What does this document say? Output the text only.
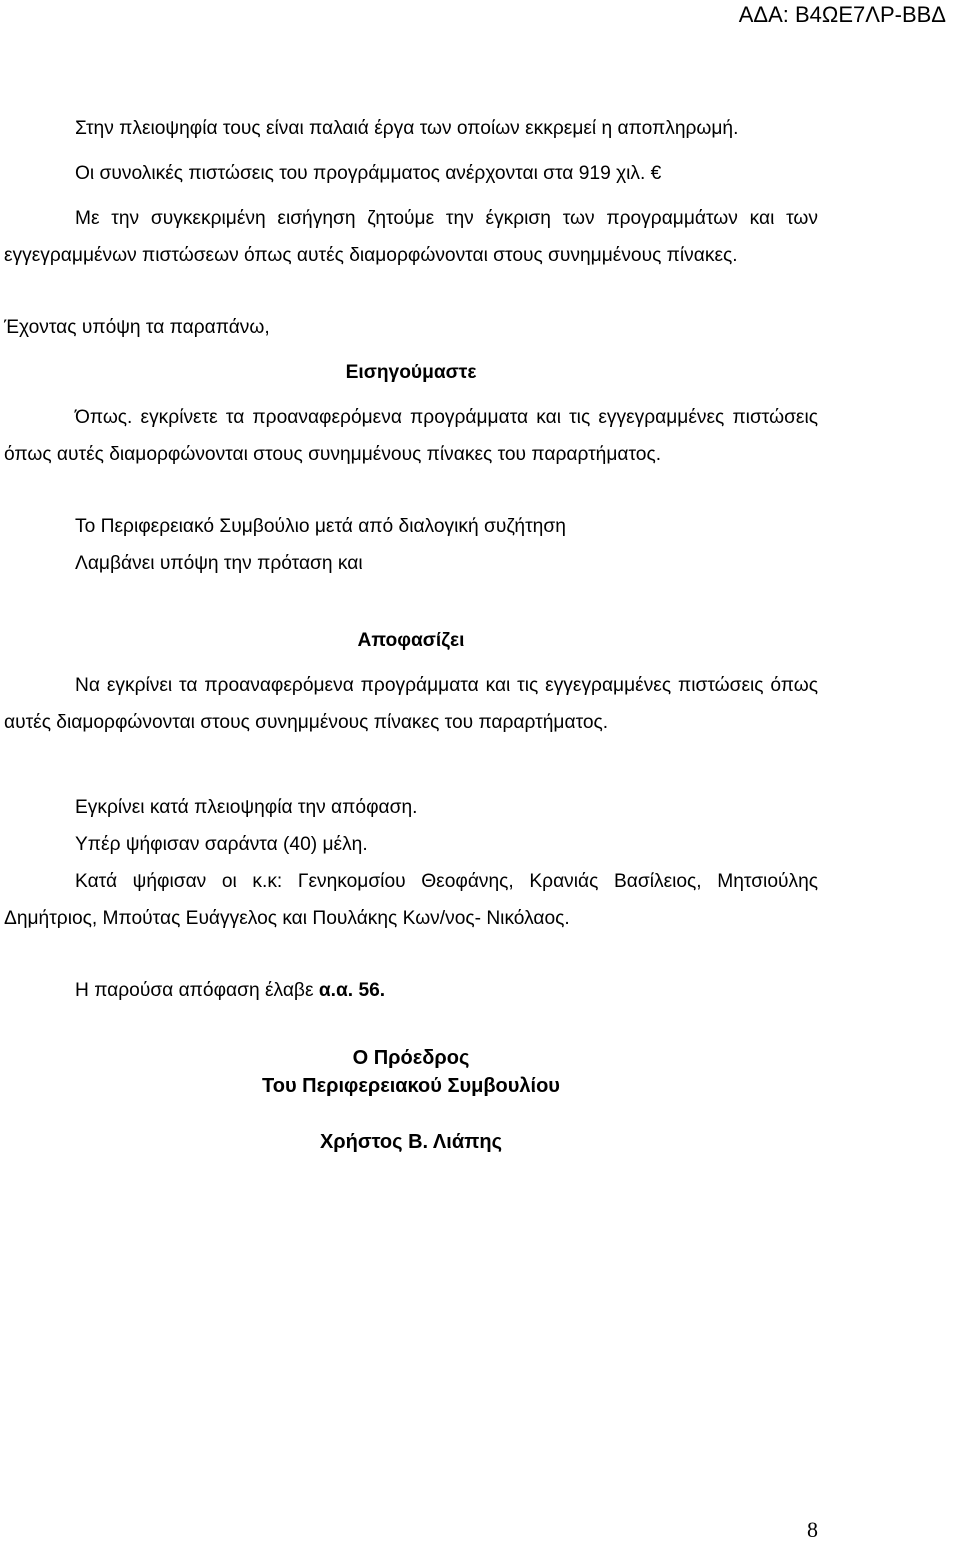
ΑΔΑ: Β4ΩΕ7ΛΡ-ΒΒΔ

Στην πλειοψηφία τους είναι παλαιά έργα των οποίων εκκρεμεί η αποπληρωμή.

Οι συνολικές πιστώσεις του προγράμματος ανέρχονται στα 919 χιλ. €

Με την συγκεκριμένη εισήγηση ζητούμε την έγκριση των προγραμμάτων και των εγγεγραμμένων πιστώσεων όπως αυτές διαμορφώνονται στους συνημμένους πίνακες.

Έχοντας υπόψη τα παραπάνω,

Εισηγούμαστε

Όπως. εγκρίνετε τα προαναφερόμενα προγράμματα και τις εγγεγραμμένες πιστώσεις όπως αυτές διαμορφώνονται στους συνημμένους πίνακες του παραρτήματος.

Το Περιφερειακό Συμβούλιο μετά από διαλογική συζήτηση

Λαμβάνει υπόψη την πρόταση και

Αποφασίζει

Να εγκρίνει τα προαναφερόμενα προγράμματα και τις εγγεγραμμένες πιστώσεις όπως αυτές διαμορφώνονται στους συνημμένους πίνακες του παραρτήματος.

Εγκρίνει κατά πλειοψηφία την απόφαση.

Υπέρ ψήφισαν σαράντα (40) μέλη.

Κατά ψήφισαν οι κ.κ: Γενηκομσίου Θεοφάνης, Κρανιάς Βασίλειος, Μητσιούλης Δημήτριος, Μπούτας Ευάγγελος και Πουλάκης Κων/νος- Νικόλαος.

Η παρούσα απόφαση έλαβε α.α. 56.

Ο Πρόεδρος

Του Περιφερειακού Συμβουλίου

Χρήστος Β. Λιάπης

8
